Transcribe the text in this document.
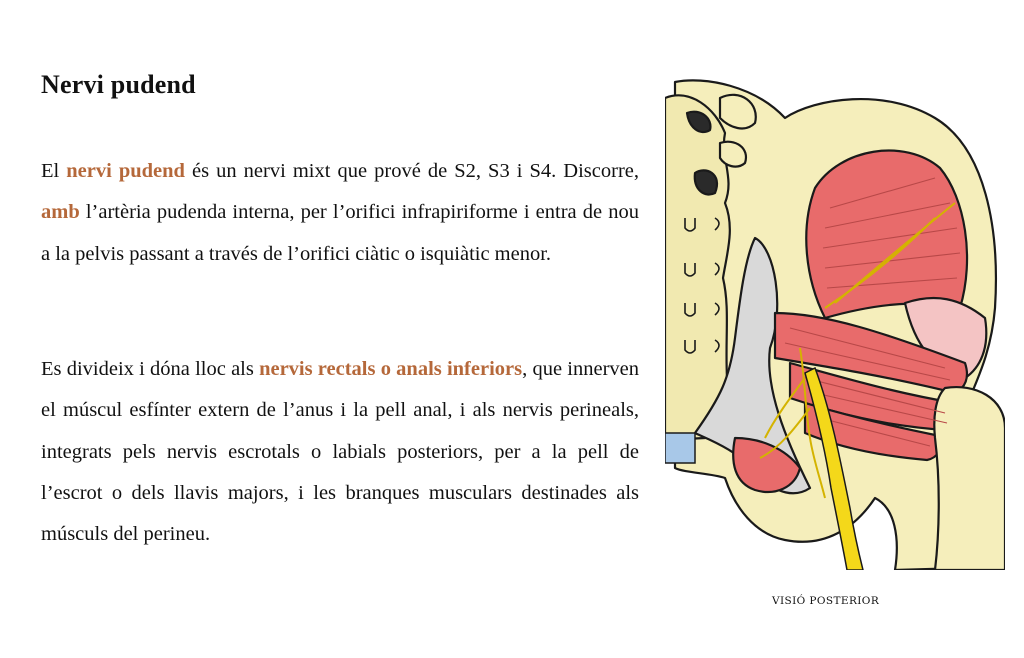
Nervi pudend
El nervi pudend és un nervi mixt que prové de S2, S3 i S4. Discorre, amb l’artèria pudenda interna, per l’orifici infrapiriforme i entra de nou a la pelvis passant a través de l’orifici ciàtic o isquiàtic menor.
Es divideix i dóna lloc als nervis rectals o anals inferiors, que innerven el múscul esfínter extern de l’anus i la pell anal, i als nervis perineals, integrats pels nervis escrotals o labials posteriors, per a la pell de l’escrot o dels llavis majors, i les branques musculars destinades als músculs del perineu.
VISIÓ POSTERIOR
